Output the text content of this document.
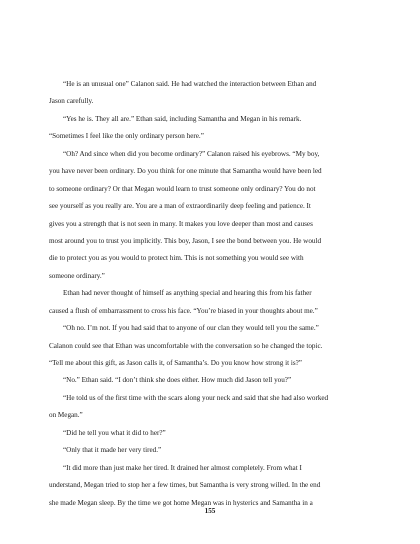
“He is an unusual one” Calanon said. He had watched the interaction between Ethan and
Jason carefully.

“Yes he is. They all are.” Ethan said, including Samantha and Megan in his remark.
“Sometimes I feel like the only ordinary person here.”

“Oh? And since when did you become ordinary?” Calanon raised his eyebrows. “My boy,
you have never been ordinary. Do you think for one minute that Samantha would have been led
to someone ordinary? Or that Megan would learn to trust someone only ordinary? You do not
see yourself as you really are. You are a man of extraordinarily deep feeling and patience. It
gives you a strength that is not seen in many. It makes you love deeper than most and causes
most around you to trust you implicitly. This boy, Jason, I see the bond between you. He would
die to protect you as you would to protect him. This is not something you would see with
someone ordinary.”

Ethan had never thought of himself as anything special and hearing this from his father
caused a flush of embarrassment to cross his face. “You’re biased in your thoughts about me.”

“Oh no. I’m not. If you had said that to anyone of our clan they would tell you the same.”
Calanon could see that Ethan was uncomfortable with the conversation so he changed the topic.
“Tell me about this gift, as Jason calls it, of Samantha’s. Do you know how strong it is?”

“No.” Ethan said. “I don’t think she does either. How much did Jason tell you?”

“He told us of the first time with the scars along your neck and said that she had also worked
on Megan.”

“Did he tell you what it did to her?”

“Only that it made her very tired.”

“It did more than just make her tired. It drained her almost completely. From what I
understand, Megan tried to stop her a few times, but Samantha is very strong willed. In the end
she made Megan sleep. By the time we got home Megan was in hysterics and Samantha in a

155
